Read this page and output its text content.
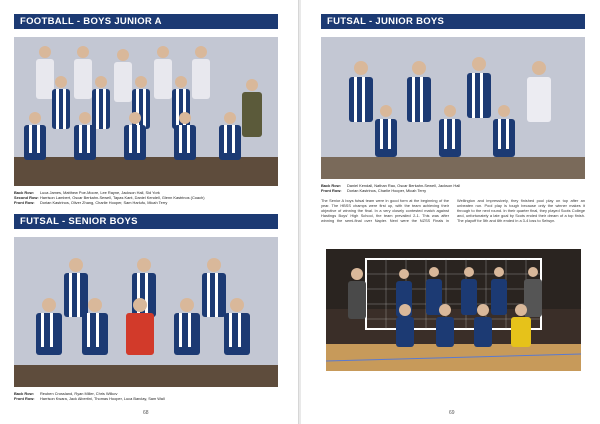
FOOTBALL - BOYS JUNIOR A
Back Row: Luca James, Matthew Poe-Moore, Lee Rayne, Jackson Hall, Sid York
Second Row:Harrison Lambert, Oscar Berkahn-Sewell, Tapas Kant, Daniel Kendell, Glenn Kastrinos (Coach)
Front Row: Dorian Kastrinos, Oliver Zhang, Charlie Hooper, Sam Harlufu, Micah Terry
FUTSAL - SENIOR BOYS
Back Row: Reuben Crossland, Ryan Miller, Chris Wilkov
Front Row: Harrison Kwara, Jack Albertini, Thomas Hooper, Luca Barclay, Sam Wall
68
FUTSAL - JUNIOR BOYS
Back Row: Daniel Kendall, Nathan Rao, Oscar Berkahn-Sewell, Jackson Hall
Front Row: Dorian Kastrinos, Charlie Hooper, Micah Terry
The Senior A boys futsal team were in good form at the beginning of the year. The HBSS champs were first up, with the team achieving their objective of winning the final. In a very closely contested match against Hastings Boys' High School, the team prevailed 2-1. This was after winning the semi-final over Napier. Next were the NZSS Finals in Wellington and impressively, they finished pool play on top after an unbeaten run. Pool play is tough because only the winner makes it through to the next round. In their quarter final, they played Scots College and, unfortunately a late goal by Scots ended their dream of a top finish. The playoff for 5th and 6th ended in a 3-4 loss to Selwyn.
69
